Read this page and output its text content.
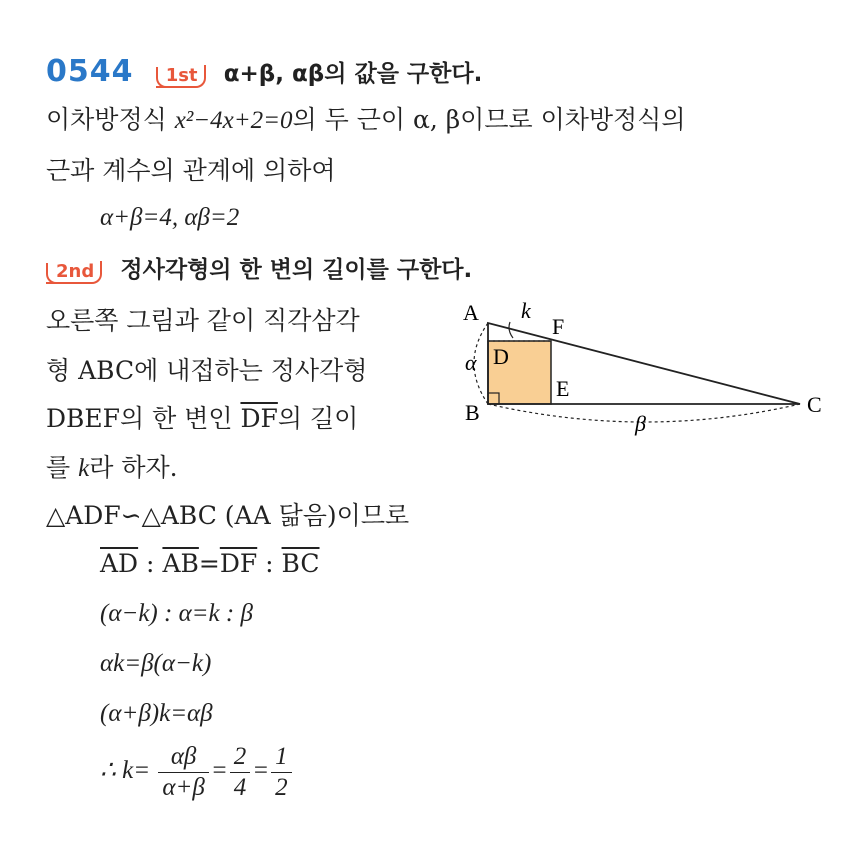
0544 1st α+β, αβ의 값을 구한다.
이차방정식 x²−4x+2=0의 두 근이 α, β이므로 이차방정식의
근과 계수의 관계에 의하여
α+β=4, αβ=2
2nd 정사각형의 한 변의 길이를 구한다.
오른쪽 그림과 같이 직각삼각
형 ABC에 내접하는 정사각형
DBEF의 한 변인 $\overline{DF}$의 길이
를 k라 하자.
△ADF∽△ABC (AA 닮음)이므로
$\overline{AD}$ : $\overline{AB}=\overline{DF}$ : $\overline{BC}$
(α−k) : α=k : β
αk=β(α−k)
(α+β)k=αβ
∴ $k= \frac{\alpha\beta}{\alpha+\beta} = \frac{2}{4} = \frac{1}{2}$
A k
F
D
α
E
B	β
C
